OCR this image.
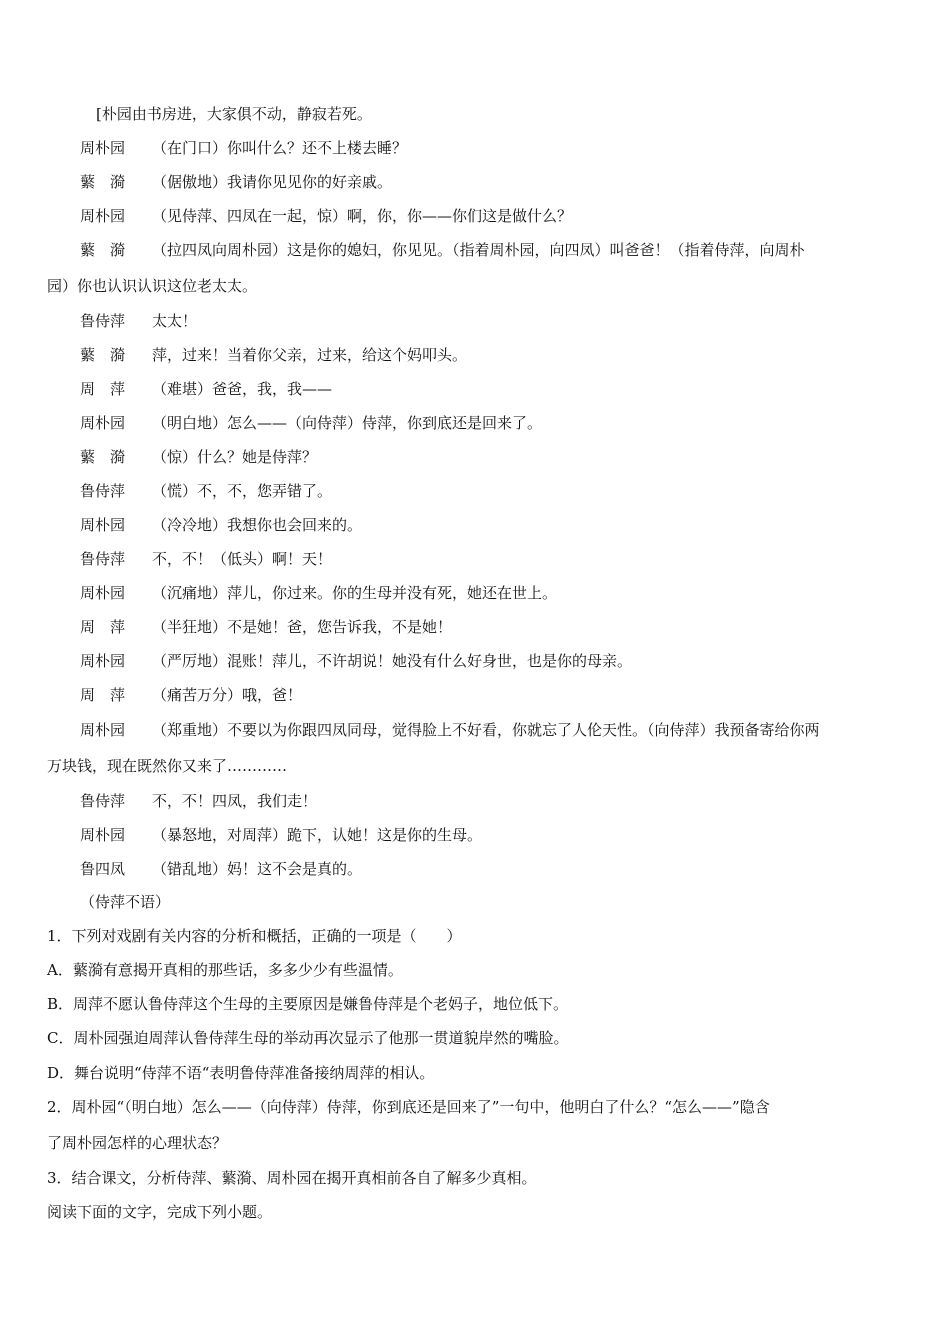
[朴园由书房进，大家俱不动，静寂若死。
周朴园 （在门口）你叫什么？还不上楼去睡？
蘩　漪 （倨傲地）我请你见见你的好亲戚。
周朴园 （见侍萍、四凤在一起，惊）啊，你，你——你们这是做什么？
蘩　漪 （拉四凤向周朴园）这是你的媳妇，你见见。（指着周朴园，向四凤）叫爸爸！（指着侍萍，向周朴
园）你也认识认识这位老太太。
鲁侍萍 太太！
蘩　漪 萍，过来！当着你父亲，过来，给这个妈叩头。
周　萍 （难堪）爸爸，我，我——
周朴园 （明白地）怎么——（向侍萍）侍萍，你到底还是回来了。
蘩　漪 （惊）什么？她是侍萍？
鲁侍萍 （慌）不，不，您弄错了。
周朴园 （冷冷地）我想你也会回来的。
鲁侍萍 不，不！（低头）啊！天！
周朴园 （沉痛地）萍儿，你过来。你的生母并没有死，她还在世上。
周　萍 （半狂地）不是她！爸，您告诉我，不是她！
周朴园 （严厉地）混账！萍儿，不许胡说！她没有什么好身世，也是你的母亲。
周　萍 （痛苦万分）哦，爸！
周朴园 （郑重地）不要以为你跟四凤同母，觉得脸上不好看，你就忘了人伦天性。（向侍萍）我预备寄给你两
万块钱，现在既然你又来了…………
鲁侍萍 不，不！四凤，我们走！
周朴园 （暴怒地，对周萍）跪下，认她！这是你的生母。
鲁四凤 （错乱地）妈！这不会是真的。
（侍萍不语）
1．下列对戏剧有关内容的分析和概括，正确的一项是（　　）
A．蘩漪有意揭开真相的那些话，多多少少有些温情。
B．周萍不愿认鲁侍萍这个生母的主要原因是嫌鲁侍萍是个老妈子，地位低下。
C．周朴园强迫周萍认鲁侍萍生母的举动再次显示了他那一贯道貌岸然的嘴脸。
D．舞台说明“侍萍不语“表明鲁侍萍准备接纳周萍的相认。
2．周朴园“（明白地）怎么——（向侍萍）侍萍，你到底还是回来了”一句中，他明白了什么？“怎么——”隐含
了周朴园怎样的心理状态？
3．结合课文，分析侍萍、蘩漪、周朴园在揭开真相前各自了解多少真相。
阅读下面的文字，完成下列小题。
